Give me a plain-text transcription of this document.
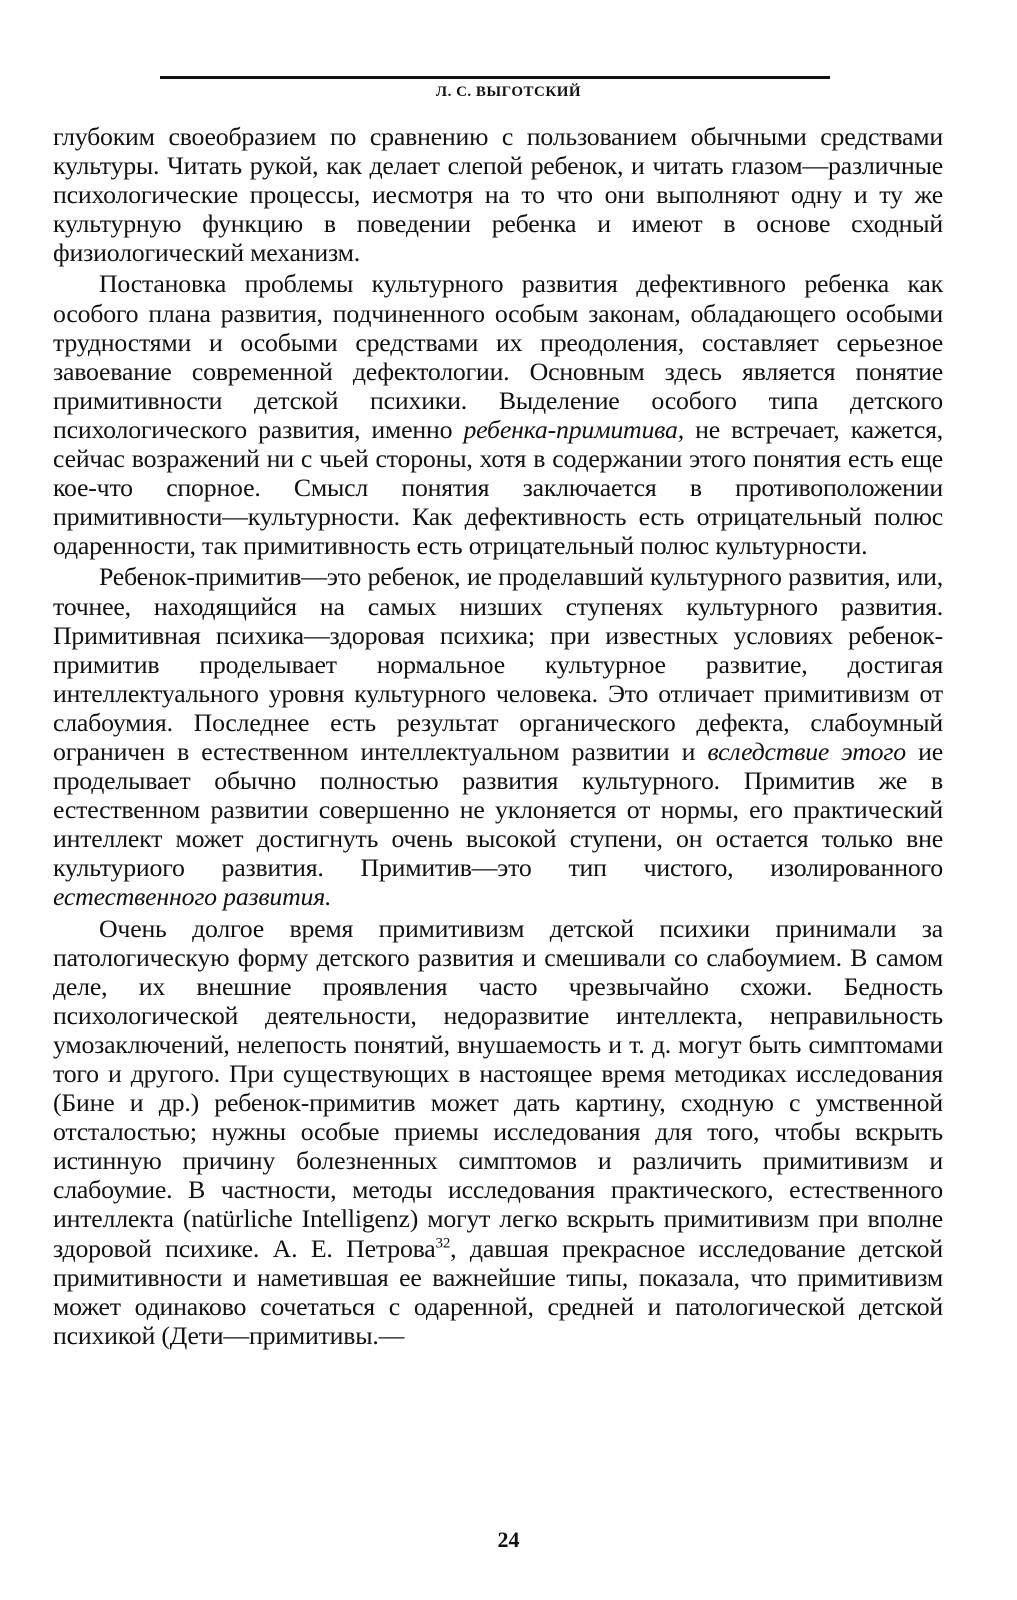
Л. С. ВЫГОТСКИЙ

глубоким своеобразием по сравнению с пользованием обычными средствами культуры. Читать рукой, как делает слепой ребенок, и читать глазом—различные психологические процессы, иесмотря на то что они выполняют одну и ту же культурную функцию в поведении ребенка и имеют в основе сходный физиологический механизм.

Постановка проблемы культурного развития дефективного ребенка как особого плана развития, подчиненного особым законам, обладающего особыми трудностями и особыми средствами их преодоления, составляет серьезное завоевание современной дефектологии. Основным здесь является понятие примитивности детской психики. Выделение особого типа детского психологического развития, именно ребенка-примитива, не встречает, кажется, сейчас возражений ни с чьей стороны, хотя в содержании этого понятия есть еще кое-что спорное. Смысл понятия заключается в противоположении примитивности—культурности. Как дефективность есть отрицательный полюс одаренности, так примитивность есть отрицательный полюс культурности.

Ребенок-примитив—это ребенок, ие проделавший культурного развития, или, точнее, находящийся на самых низших ступенях культурного развития. Примитивная психика—здоровая психика; при известных условиях ребенок-примитив проделывает нормальное культурное развитие, достигая интеллектуального уровня культурного человека. Это отличает примитивизм от слабоумия. Последнее есть результат органического дефекта, слабоумный ограничен в естественном интеллектуальном развитии и вследствие этого ие проделывает обычно полностью развития культурного. Примитив же в естественном развитии совершенно не уклоняется от нормы, его практический интеллект может достигнуть очень высокой ступени, он остается только вне культуриого развития. Примитив—это тип чистого, изолированного естественного развития.

Очень долгое время примитивизм детской психики принимали за патологическую форму детского развития и смешивали со слабоумием. В самом деле, их внешние проявления часто чрезвычайно схожи. Бедность психологической деятельности, недоразвитие интеллекта, неправильность умозаключений, нелепость понятий, внушаемость и т. д. могут быть симптомами того и другого. При существующих в настоящее время методиках исследования (Бине и др.) ребенок-примитив может дать картину, сходную с умственной отсталостью; нужны особые приемы исследования для того, чтобы вскрыть истинную причину болезненных симптомов и различить примитивизм и слабоумие. В частности, методы исследования практического, естественного интеллекта (natürliche Intelligenz) могут легко вскрыть примитивизм при вполне здоровой психике. А. Е. Петрова$^{32}$, давшая прекрасное исследование детской примитивности и наметившая ее важнейшие типы, показала, что примитивизм может одинаково сочетаться с одаренной, средней и патологической детской психикой (Дети—примитивы.—

24
